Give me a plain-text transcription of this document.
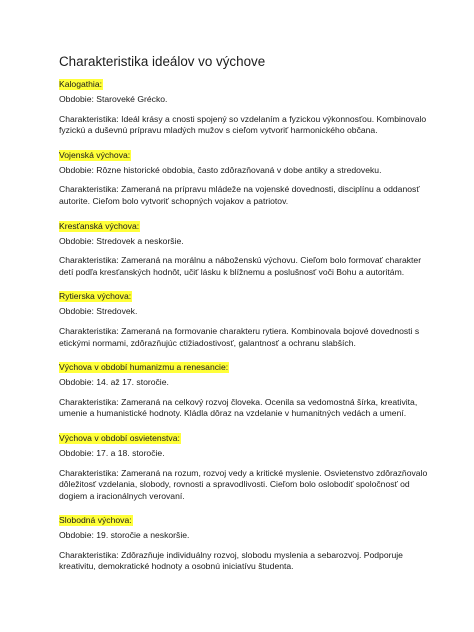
Charakteristika ideálov vo výchove
Kalogathia:

Obdobie: Staroveké Grécko.

Charakteristika: Ideál krásy a cnosti spojený so vzdelaním a fyzickou výkonnosťou. Kombinovalo fyzickú a duševnú prípravu mladých mužov s cieľom vytvoriť harmonického občana.

Vojenská výchova:

Obdobie: Rôzne historické obdobia, často zdôrazňovaná v dobe antiky a stredoveku.

Charakteristika: Zameraná na prípravu mládeže na vojenské dovednosti, disciplínu a oddanosť autorite. Cieľom bolo vytvoriť schopných vojakov a patriotov.

Kresťanská výchova:

Obdobie: Stredovek a neskoršie.

Charakteristika: Zameraná na morálnu a náboženskú výchovu. Cieľom bolo formovať charakter detí podľa kresťanských hodnôt, učiť lásku k blížnemu a poslušnosť voči Bohu a autoritám.

Rytierska výchova:

Obdobie: Stredovek.

Charakteristika: Zameraná na formovanie charakteru rytiera. Kombinovala bojové dovednosti s etickými normami, zdôrazňujúc ctižiadostivosť, galantnosť a ochranu slabších.

Výchova v období humanizmu a renesancie:

Obdobie: 14. až 17. storočie.

Charakteristika: Zameraná na celkový rozvoj človeka. Ocenila sa vedomostná šírka, kreativita, umenie a humanistické hodnoty. Kládla dôraz na vzdelanie v humanitných vedách a umení.

Výchova v období osvietenstva:

Obdobie: 17. a 18. storočie.

Charakteristika: Zameraná na rozum, rozvoj vedy a kritické myslenie. Osvietenstvo zdôrazňovalo dôležitosť vzdelania, slobody, rovnosti a spravodlivosti. Cieľom bolo oslobodiť spoločnosť od dogiem a iracionálnych verovaní.

Slobodná výchova:

Obdobie: 19. storočie a neskoršie.

Charakteristika: Zdôrazňuje individuálny rozvoj, slobodu myslenia a sebarozvoj. Podporuje kreativitu, demokratické hodnoty a osobnú iniciatívu študenta.
